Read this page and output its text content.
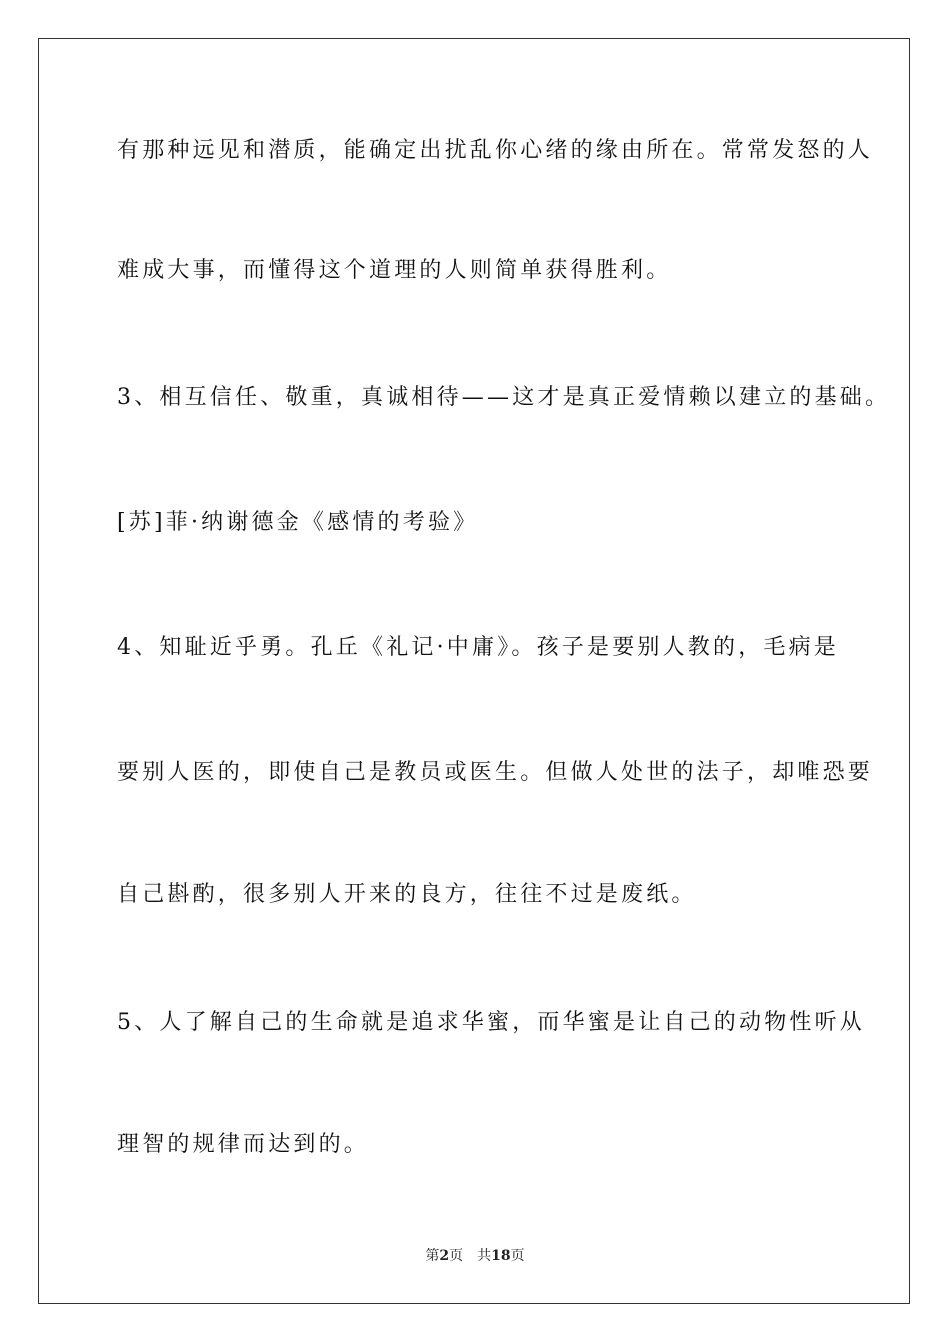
有那种远见和潜质，能确定出扰乱你心绪的缘由所在。常常发怒的人
难成大事，而懂得这个道理的人则简单获得胜利。
3、相互信任、敬重，真诚相待——这才是真正爱情赖以建立的基础。
[苏]菲·纳谢德金《感情的考验》
4、知耻近乎勇。孔丘《礼记·中庸》。孩子是要别人教的，毛病是
要别人医的，即使自己是教员或医生。但做人处世的法子，却唯恐要
自己斟酌，很多别人开来的良方，往往不过是废纸。
5、人了解自己的生命就是追求华蜜，而华蜜是让自己的动物性听从
理智的规律而达到的。
第2页 共18页
